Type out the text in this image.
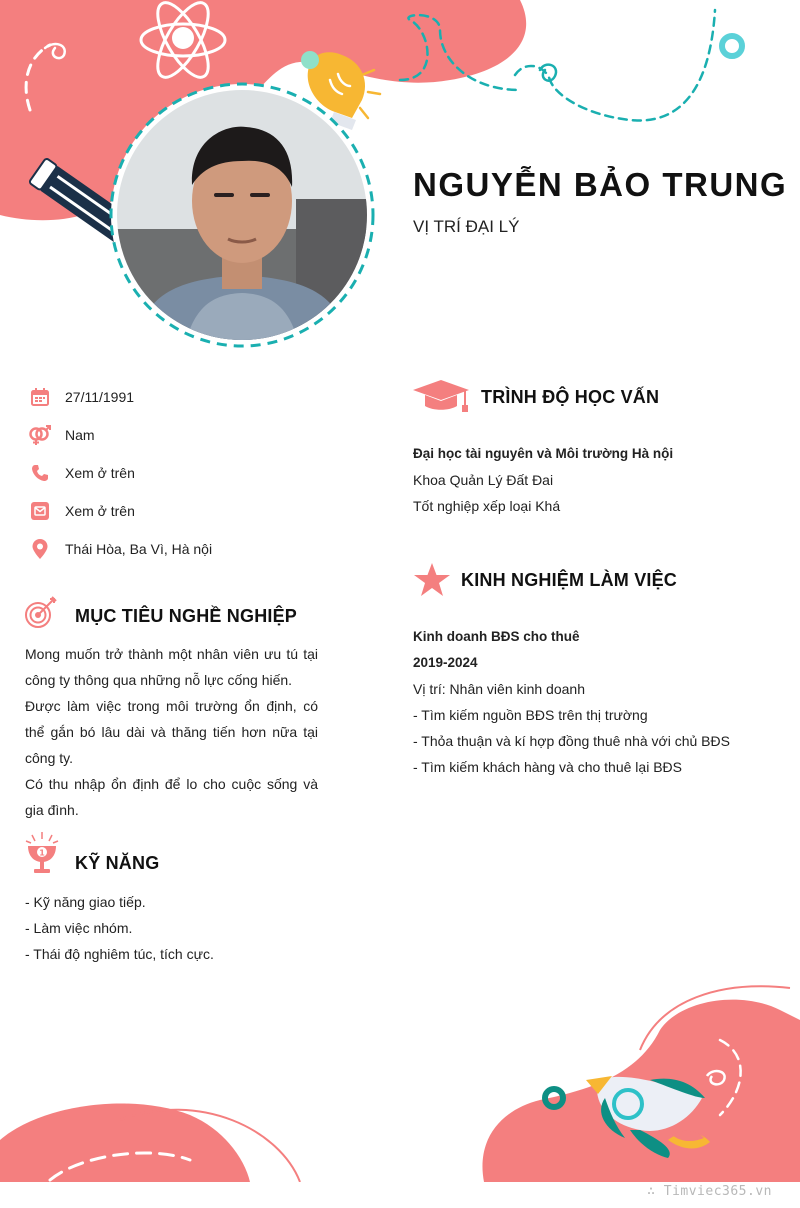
NGUYỄN BẢO TRUNG
VỊ TRÍ ĐẠI LÝ
27/11/1991
Nam
Xem ở trên
Xem ở trên
Thái Hòa, Ba Vì, Hà nội
MỤC TIÊU NGHỀ NGHIỆP
Mong muốn trở thành một nhân viên ưu tú tại công ty thông qua những nỗ lực cống hiến.
Được làm việc trong môi trường ổn định, có thể gắn bó lâu dài và thăng tiến hơn nữa tại công ty.
Có thu nhập ổn định để lo cho cuộc sống và gia đình.
1 KỸ NĂNG
- Kỹ năng giao tiếp.
- Làm việc nhóm.
- Thái độ nghiêm túc, tích cực.
TRÌNH ĐỘ HỌC VẤN
Đại học tài nguyên và Môi trường Hà nội
Khoa Quản Lý Đất Đai
Tốt nghiệp xếp loại Khá
KINH NGHIỆM LÀM VIỆC
Kinh doanh BĐS cho thuê
2019-2024
Vị trí: Nhân viên kinh doanh
- Tìm kiếm nguồn BĐS trên thị trường
- Thỏa thuận và kí hợp đồng thuê nhà với chủ BĐS
- Tìm kiếm khách hàng và cho thuê lại BĐS
∴ Timviec365.vn
